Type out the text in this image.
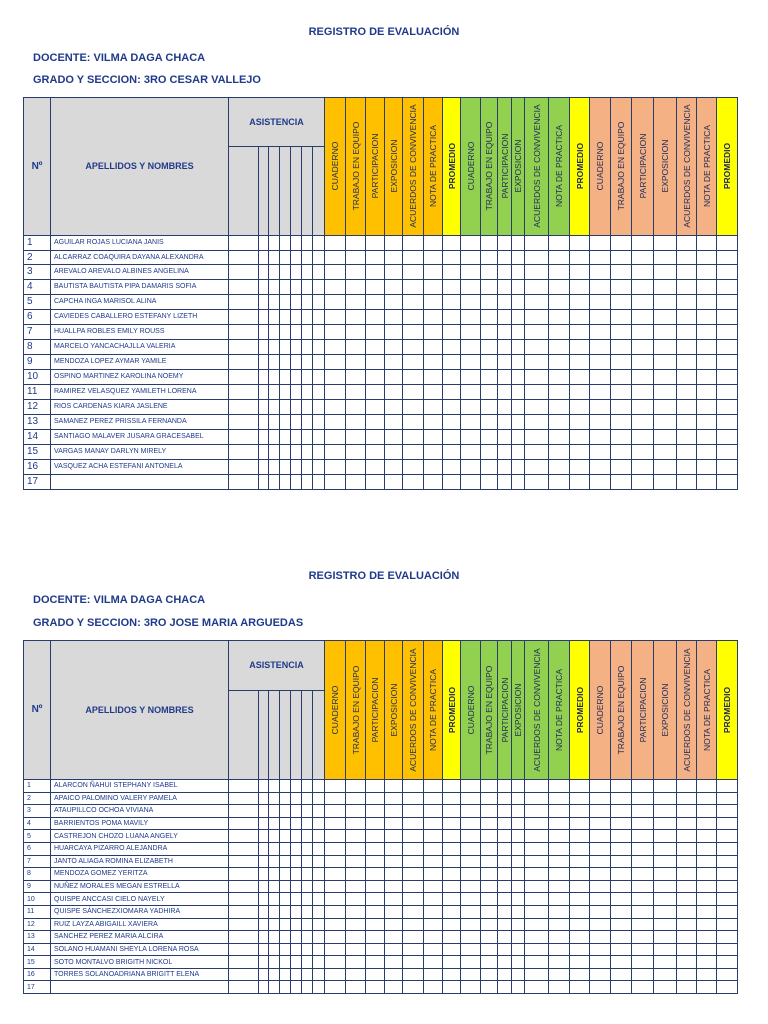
REGISTRO DE EVALUACIÓN
DOCENTE: VILMA DAGA CHACA
GRADO Y SECCION: 3RO CESAR VALLEJO
Nº	APELLIDOS Y NOMBRES	ASISTENCIA							CUADERNO	TRABAJO EN EQUIPO	PARTICIPACION	EXPOSICION	ACUERDOS DE CONVIVENCIA	NOTA DE PRACTICA	PROMEDIO	CUADERNO	TRABAJO EN EQUIPO	PARTICIPACION	EXPOSICION	ACUERDOS DE CONVIVENCIA	NOTA DE PRACTICA	PROMEDIO	CUADERNO	TRABAJO EN EQUIPO	PARTICIPACION	EXPOSICION	ACUERDOS DE CONVIVENCIA	NOTA DE PRACTICA	PROMEDIO

1	AGUILAR ROJAS LUCIANA JANIS																												
2	ALCARRAZ COAQUIRA DAYANA ALEXANDRA																												
3	AREVALO AREVALO ALBINES ANGELINA																												
4	BAUTISTA BAUTISTA PIPA DAMARIS SOFIA																												
5	CAPCHA INGA MARISOL ALINA																												
6	CAVIEDES CABALLERO ESTEFANY LIZETH																												
7	HUALLPA ROBLES EMILY ROUSS																												
8	MARCELO YANCACHAJLLA VALERIA																												
9	MENDOZA LOPEZ AYMAR YAMILE																												
10	OSPINO MARTINEZ KAROLINA NOEMY																												
11	RAMIREZ VELASQUEZ YAMILETH LORENA																												
12	RIOS CARDENAS KIARA JASLENE																												
13	SAMANEZ PEREZ PRISSILA FERNANDA																												
14	SANTIAGO MALAVER JUSARA GRACESABEL																												
15	VARGAS MANAY DARLYN MIRELY																												
16	VASQUEZ ACHA ESTEFANI ANTONELA																												
17																													
REGISTRO DE EVALUACIÓN
DOCENTE: VILMA DAGA CHACA
GRADO Y SECCION: 3RO JOSE MARIA ARGUEDAS
Nº	APELLIDOS Y NOMBRES	ASISTENCIA							CUADERNO	TRABAJO EN EQUIPO	PARTICIPACION	EXPOSICION	ACUERDOS DE CONVIVENCIA	NOTA DE PRACTICA	PROMEDIO	CUADERNO	TRABAJO EN EQUIPO	PARTICIPACION	EXPOSICION	ACUERDOS DE CONVIVENCIA	NOTA DE PRACTICA	PROMEDIO	CUADERNO	TRABAJO EN EQUIPO	PARTICIPACION	EXPOSICION	ACUERDOS DE CONVIVENCIA	NOTA DE PRACTICA	PROMEDIO

1	ALARCON ÑAHUI STEPHANY ISABEL																												
2	APAICO PALOMINO VALERY PAMELA																												
3	ATAUPILLCO OCHOA VIVIANA																												
4	BARRIENTOS POMA MAVILY																												
5	CASTREJON CHOZO LUANA ANGELY																												
6	HUARCAYA PIZARRO ALEJANDRA																												
7	JANTO ALIAGA ROMINA ELIZABETH																												
8	MENDOZA GOMEZ YERITZA																												
9	NUÑEZ MORALES MEGAN ESTRELLA																												
10	QUISPE ANCCASI CIELO NAYELY																												
11	QUISPE SÁNCHEZXIOMARA YADHIRA																												
12	RUIZ LAYZA ABIGAILL XAVIERA																												
13	SANCHEZ PEREZ MARIA ALCIRA																												
14	SOLANO HUAMANI SHEYLA LORENA ROSA																												
15	SOTO MONTALVO BRIGITH NICKOL																												
16	TORRES SOLANOADRIANA BRIGITT ELENA																												
17																													
